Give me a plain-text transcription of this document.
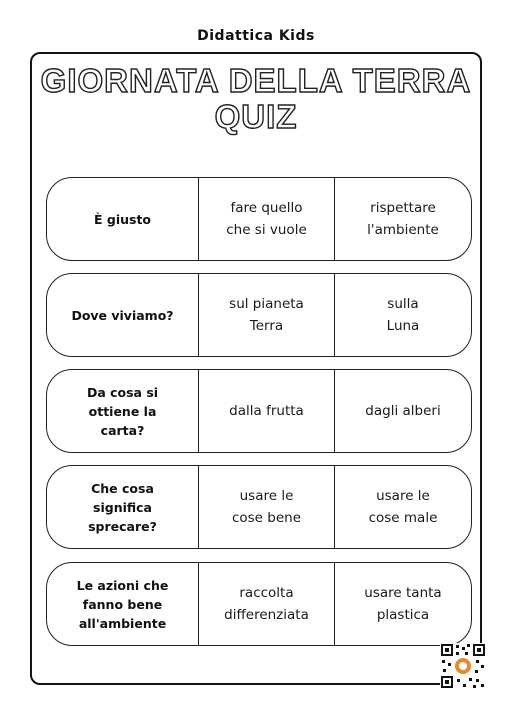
Didattica Kids
GIORNATA DELLA TERRA
QUIZ
È giusto
fare quello
che si vuole
rispettare
l'ambiente
Dove viviamo?
sul pianeta
Terra
sulla
Luna
Da cosa si
ottiene la
carta?
dalla frutta	dagli alberi
Che cosa
significa
sprecare?
usare le
cose bene
usare le
cose male
Le azioni che
fanno bene
all'ambiente
raccolta
differenziata
usare tanta
plastica
